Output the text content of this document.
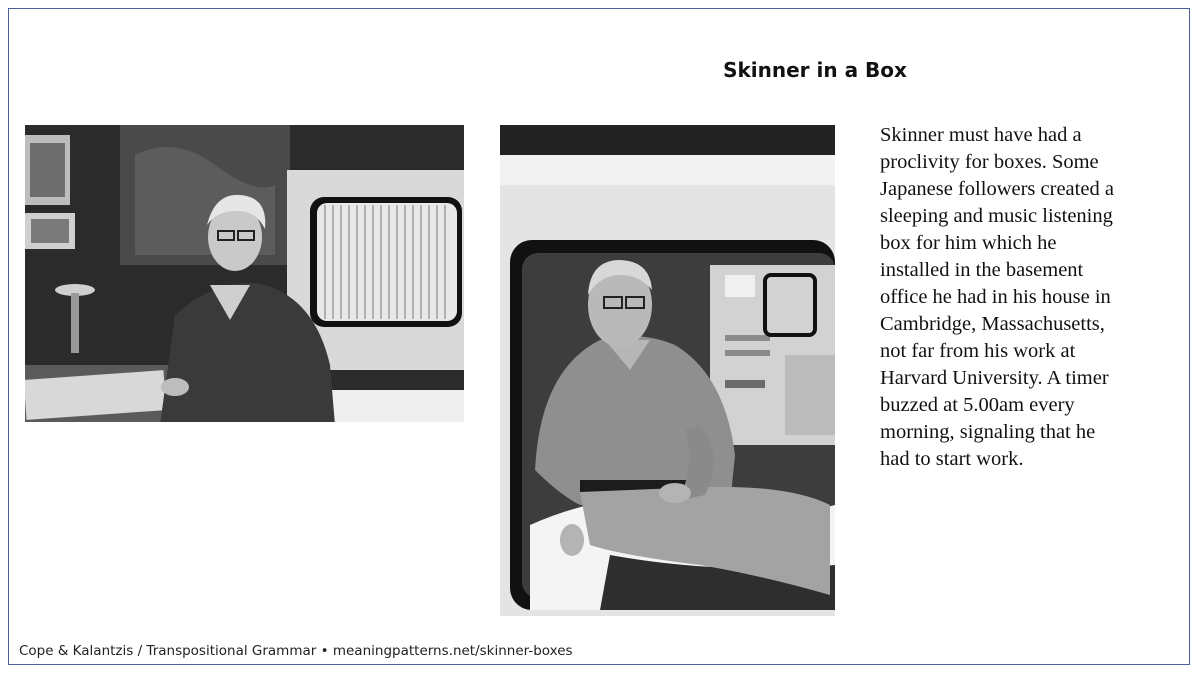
Skinner in a Box
Skinner must have had a proclivity for boxes. Some Japanese followers created a sleeping and music listening box for him which he installed in the basement office he had in his house in Cambridge, Massachusetts, not far from his work at Harvard University. A timer buzzed at 5.00am every morning, signaling that he had to start work.
Cope & Kalantzis / Transpositional Grammar • meaningpatterns.net/skinner-boxes
